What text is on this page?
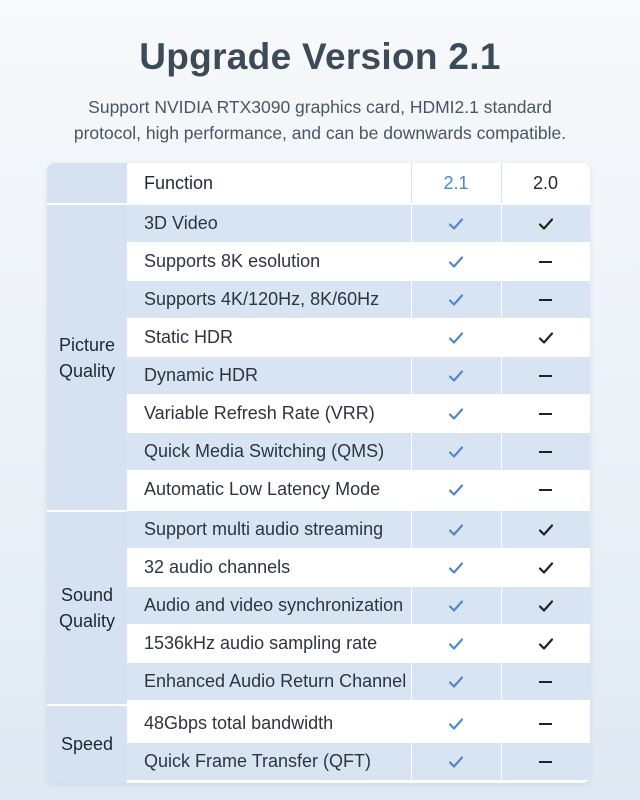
Upgrade Version 2.1
Support NVIDIA RTX3090 graphics card, HDMI2.1 standard
protocol, high performance, and can be downwards compatible.
Function	2.1	2.0
3D Video
Supports 8K esolution
Supports 4K/120Hz, 8K/60Hz
Static HDR
Dynamic HDR
Variable Refresh Rate (VRR)
Quick Media Switching (QMS)
Automatic Low Latency Mode
Support multi audio streaming
32 audio channels
Audio and video synchronization
1536kHz audio sampling rate
Enhanced Audio Return Channel
48Gbps total bandwidth
Quick Frame Transfer (QFT)
Picture
Quality
Sound
Quality
Speed
